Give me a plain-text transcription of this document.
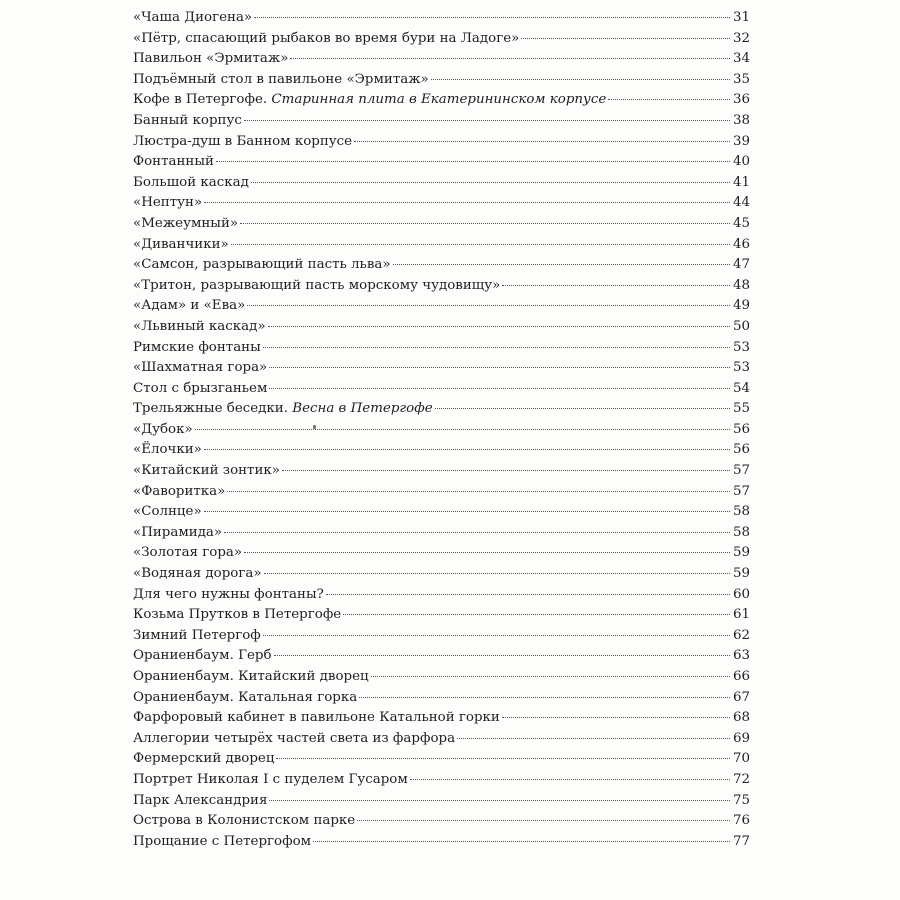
«Чаша Диогена»	31
«Пётр, спасающий рыбаков во время бури на Ладоге»	32
Павильон «Эрмитаж»	34
Подъёмный стол в павильоне «Эрмитаж»	35
Кофе в Петергофе. Старинная плита в Екатерининском корпусе	36
Банный корпус	38
Люстра-душ в Банном корпусе	39
Фонтанный	40
Большой каскад	41
«Нептун»	44
«Межеумный»	45
«Диванчики»	46
«Самсон, разрывающий пасть льва»	47
«Тритон, разрывающий пасть морскому чудовищу»	48
«Адам» и «Ева»	49
«Львиный каскад»	50
Римские фонтаны	53
«Шахматная гора»	53
Стол с брызганьем	54
Трельяжные беседки. Весна в Петергофе	55
«Дубок»	56
«Ёлочки»	56
«Китайский зонтик»	57
«Фаворитка»	57
«Солнце»	58
«Пирамида»	58
«Золотая гора»	59
«Водяная дорога»	59
Для чего нужны фонтаны?	60
Козьма Прутков в Петергофе	61
Зимний Петергоф	62
Ораниенбаум. Герб	63
Ораниенбаум. Китайский дворец	66
Ораниенбаум. Катальная горка	67
Фарфоровый кабинет в павильоне Катальной горки	68
Аллегории четырёх частей света из фарфора	69
Фермерский дворец	70
Портрет Николая I с пуделем Гусаром	72
Парк Александрия	75
Острова в Колонистском парке	76
Прощание с Петергофом	77
